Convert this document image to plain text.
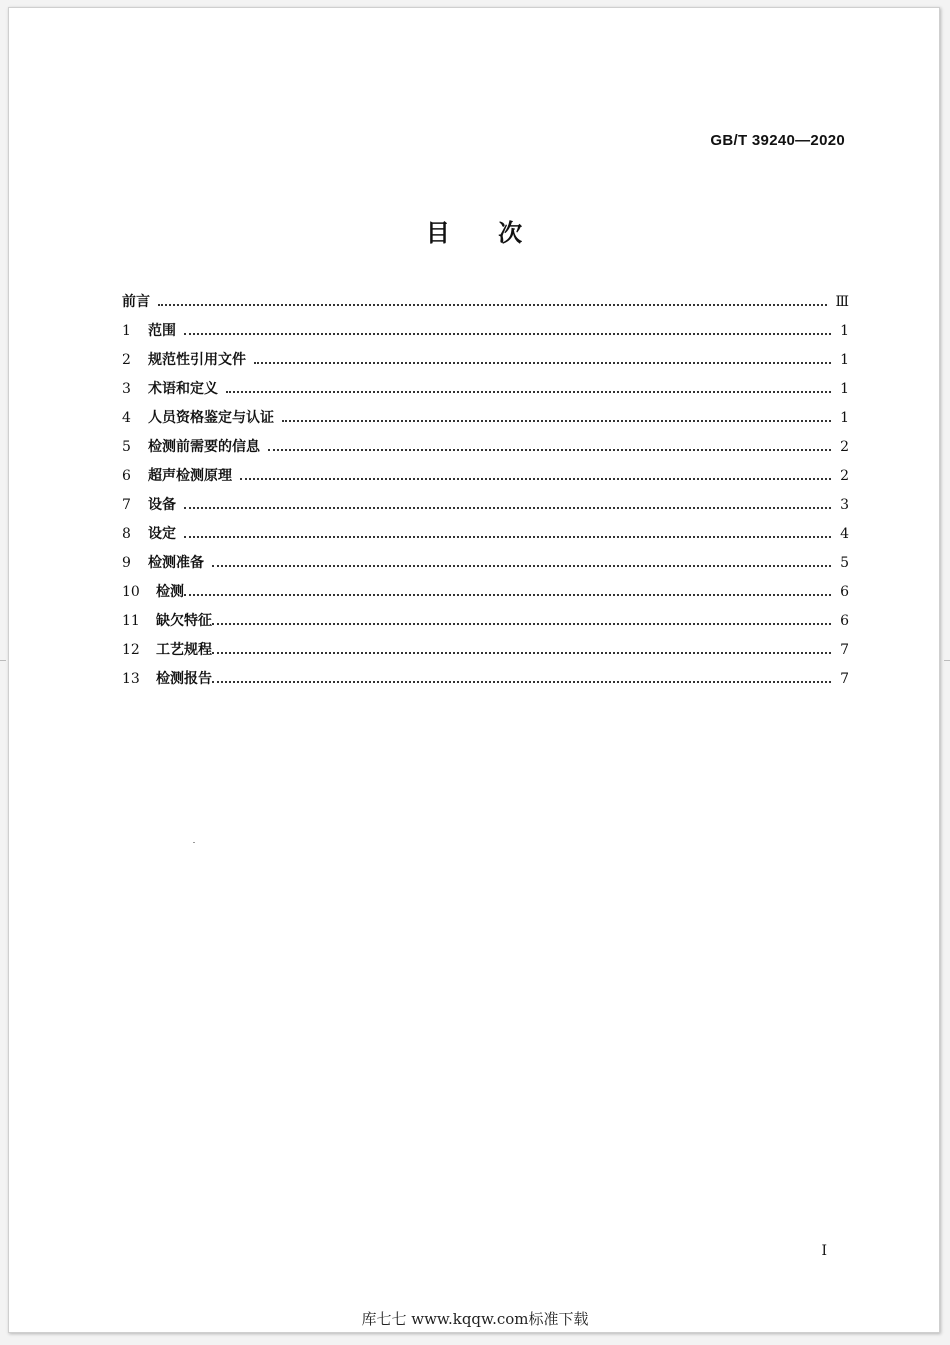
GB/T 39240—2020
目 次
前言	Ⅲ
1	范围	1
2	规范性引用文件	1
3	术语和定义	1
4	人员资格鉴定与认证	1
5	检测前需要的信息	2
6	超声检测原理	2
7	设备	3
8	设定	4
9	检测准备	5
10	检测	6
11	缺欠特征	6
12	工艺规程	7
13	检测报告	7
I
库七七 www.kqqw.com标准下载
